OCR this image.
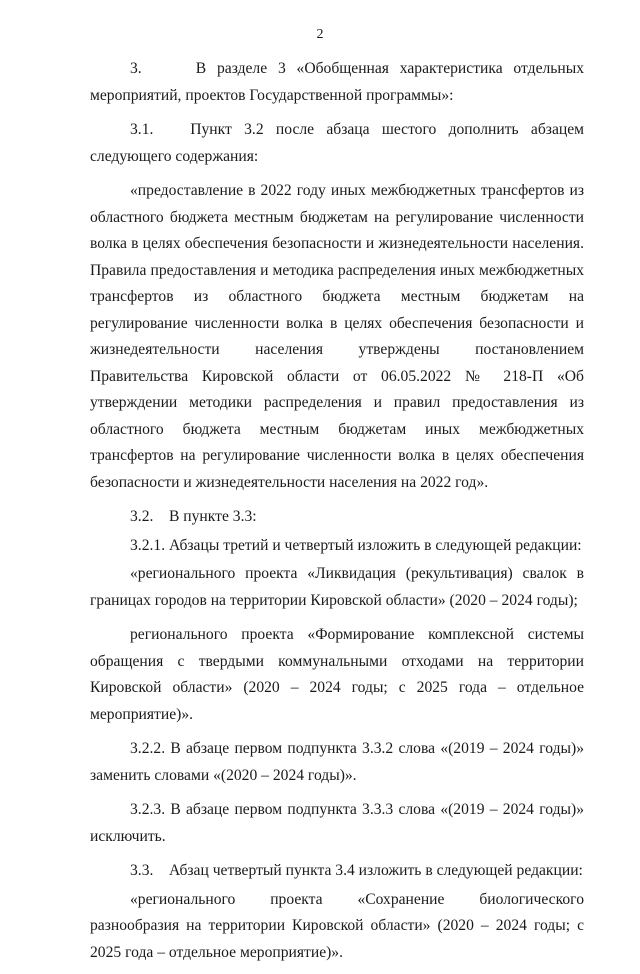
2

3.     В разделе 3 «Обобщенная характеристика отдельных мероприятий, проектов Государственной программы»:

3.1.   Пункт 3.2 после абзаца шестого дополнить абзацем следующего содержания:

«предоставление в 2022 году иных межбюджетных трансфертов из областного бюджета местным бюджетам на регулирование численности волка в целях обеспечения безопасности и жизнедеятельности населения. Правила предоставления и методика распределения иных межбюджетных трансфертов из областного бюджета местным бюджетам на регулирование численности волка в целях обеспечения безопасности и жизнедеятельности населения утверждены постановлением Правительства Кировской области от 06.05.2022 № 218-П «Об утверждении методики распределения и правил предоставления из областного бюджета местным бюджетам иных межбюджетных трансфертов на регулирование численности волка в целях обеспечения безопасности и жизнедеятельности населения на 2022 год».

3.2.    В пункте 3.3:

3.2.1. Абзацы третий и четвертый изложить в следующей редакции:

«регионального проекта «Ликвидация (рекультивация) свалок в границах городов на территории Кировской области» (2020 – 2024 годы);

регионального проекта «Формирование комплексной системы обращения с твердыми коммунальными отходами на территории Кировской области» (2020 – 2024 годы; с 2025 года – отдельное мероприятие)».

3.2.2. В абзаце первом подпункта 3.3.2 слова «(2019 – 2024 годы)» заменить словами «(2020 – 2024 годы)».

3.2.3. В абзаце первом подпункта 3.3.3 слова «(2019 – 2024 годы)» исключить.

3.3.    Абзац четвертый пункта 3.4 изложить в следующей редакции:

«регионального проекта «Сохранение биологического разнообразия на территории Кировской области» (2020 – 2024 годы; с 2025 года – отдельное мероприятие)».
